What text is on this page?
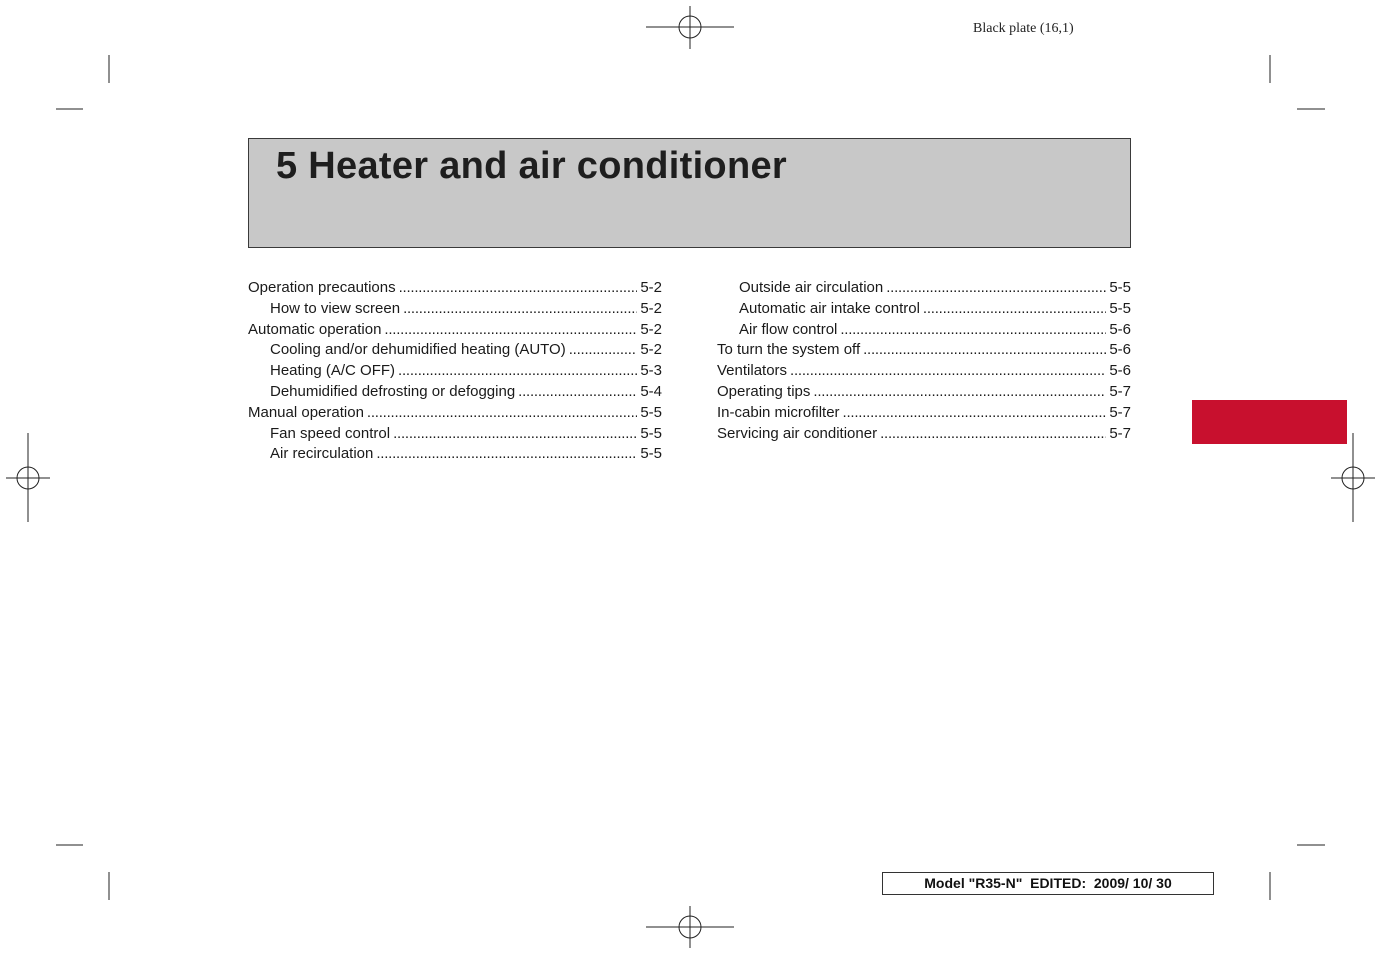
Black plate (16,1)
5 Heater and air conditioner
Operation precautions . . .	5-2
How to view screen . . .	5-2
Automatic operation . . .	5-2
Cooling and/or dehumidified heating (AUTO) . . .	5-2
Heating (A/C OFF) . . .	5-3
Dehumidified defrosting or defogging . . .	5-4
Manual operation . . .	5-5
Fan speed control . . .	5-5
Air recirculation . . .	5-5
Outside air circulation . . .	5-5
Automatic air intake control . . .	5-5
Air flow control . . .	5-6
To turn the system off . . .	5-6
Ventilators . . .	5-6
Operating tips . . .	5-7
In-cabin microfilter . . .	5-7
Servicing air conditioner . . .	5-7
Model "R35-N"  EDITED:  2009/ 10/ 30
